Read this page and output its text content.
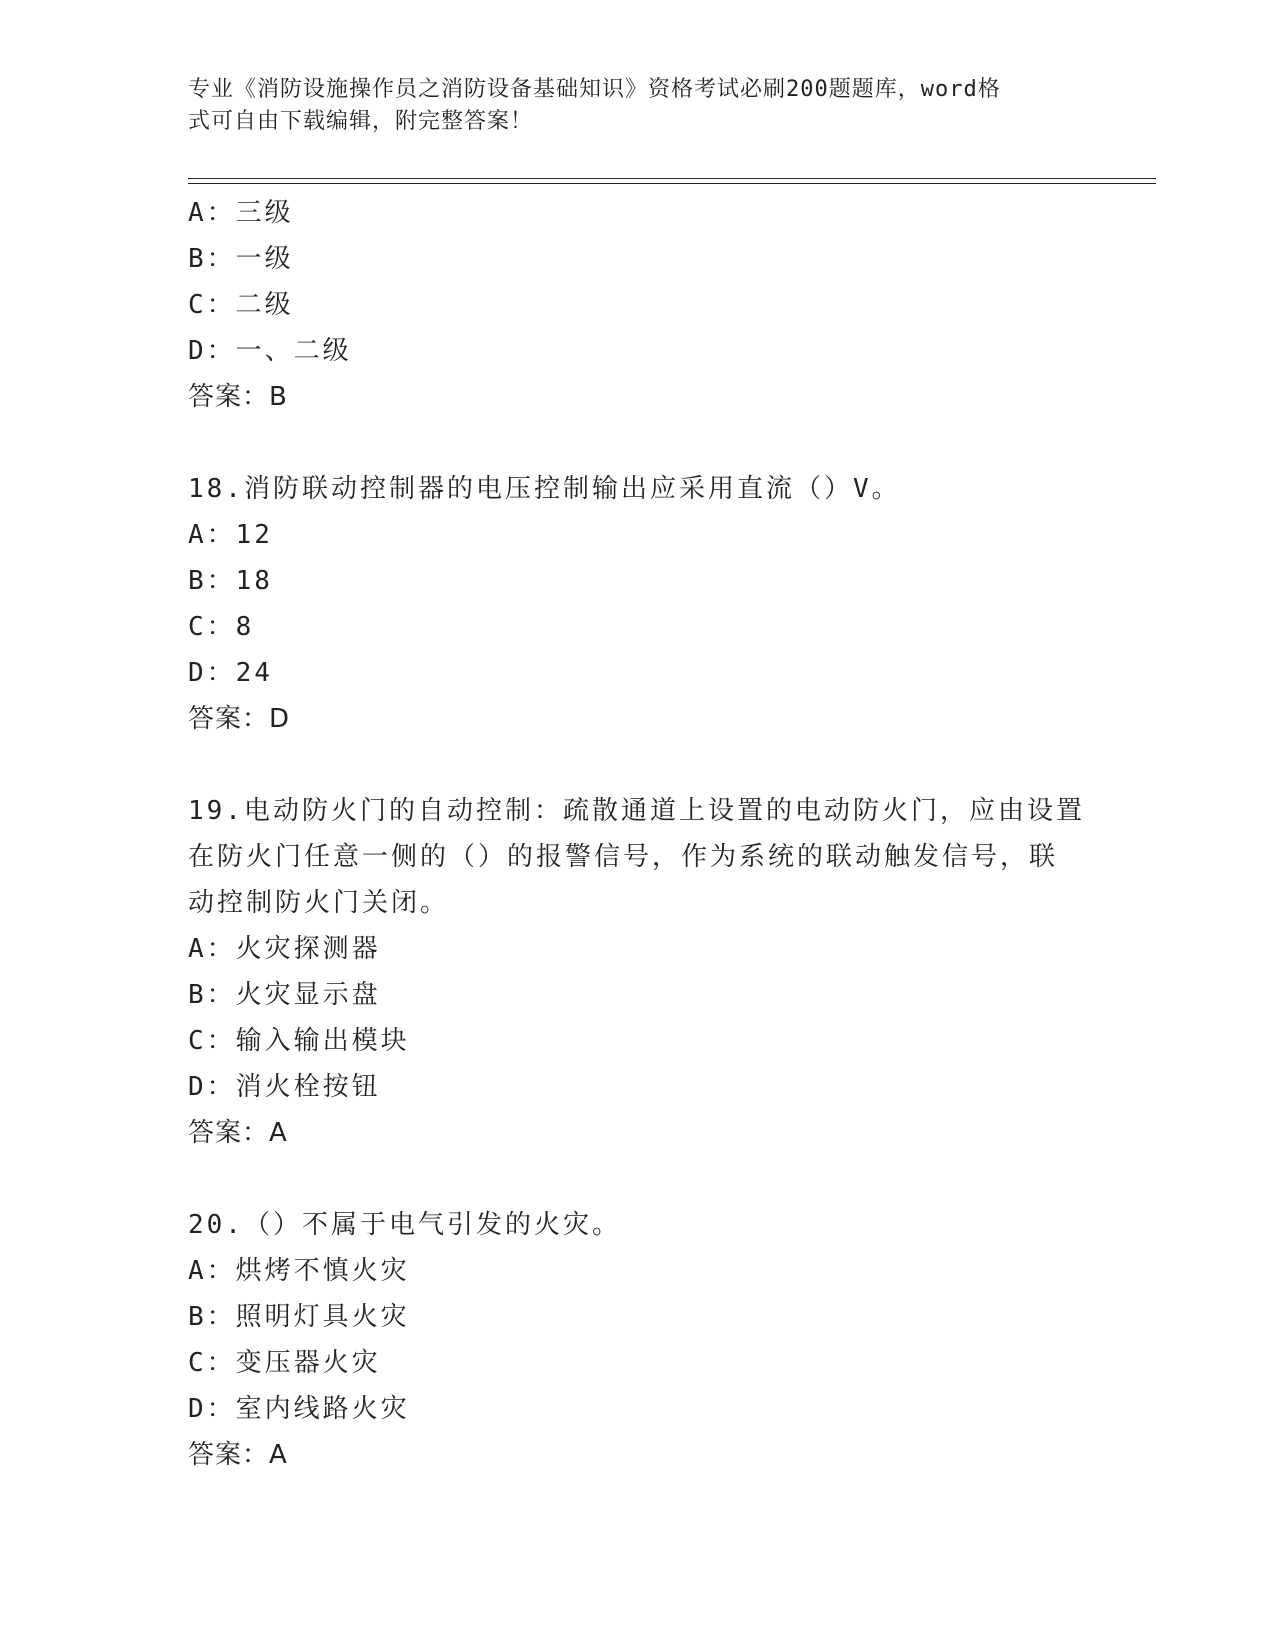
专业《消防设施操作员之消防设备基础知识》资格考试必刷200题题库，word格
式可自由下载编辑，附完整答案！
A：三级
B：一级
C：二级
D：一、二级
答案：B
18.消防联动控制器的电压控制输出应采用直流（）V。
A：12
B：18
C：8
D：24
答案：D
19.电动防火门的自动控制：疏散通道上设置的电动防火门，应由设置
在防火门任意一侧的（）的报警信号，作为系统的联动触发信号，联
动控制防火门关闭。
A：火灾探测器
B：火灾显示盘
C：输入输出模块
D：消火栓按钮
答案：A
20.（）不属于电气引发的火灾。
A：烘烤不慎火灾
B：照明灯具火灾
C：变压器火灾
D：室内线路火灾
答案：A
